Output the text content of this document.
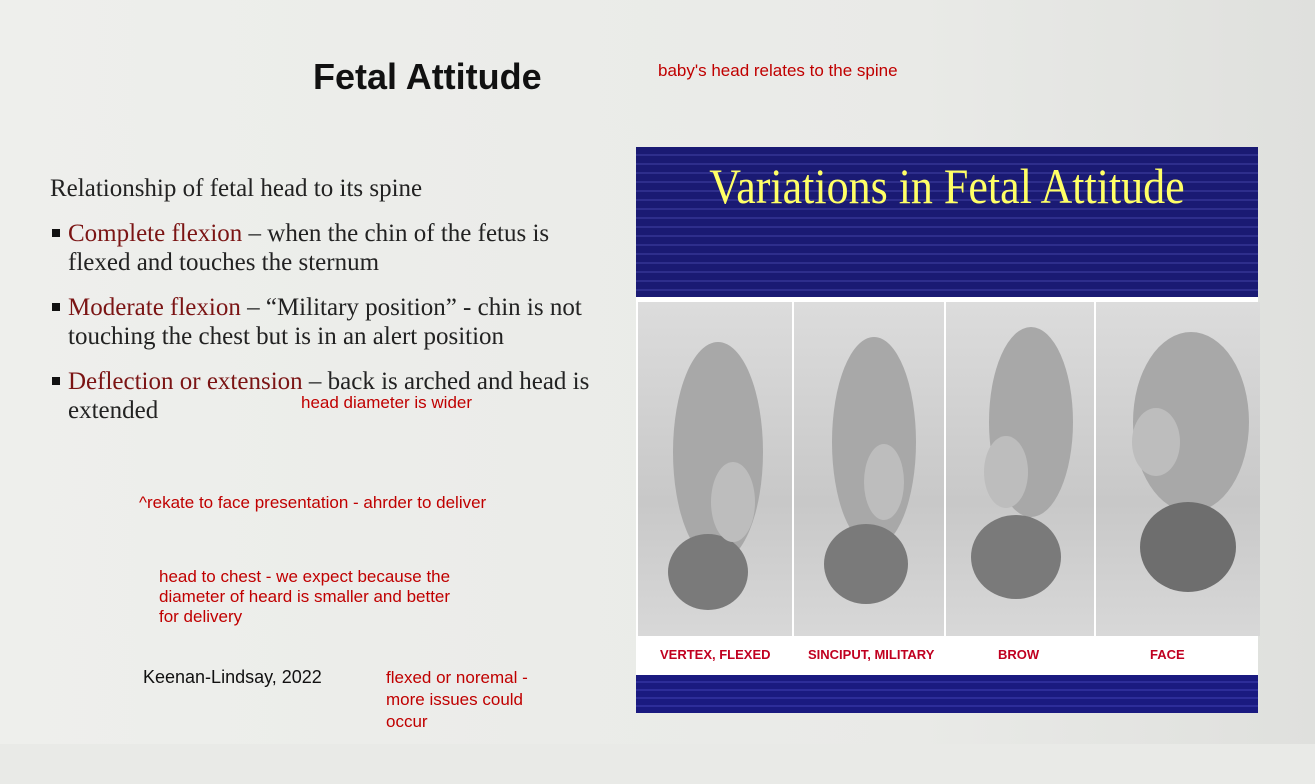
Fetal Attitude	baby's head relates to the spine
Relationship of fetal head to its spine
Complete flexion – when the chin of the fetus is flexed and touches the sternum
Moderate flexion – “Military position” - chin is not touching the chest but is in an alert position
Deflection or extension – back is arched and head is extended	head diameter is wider
^rekate to face presentation - ahrder to deliver
head to chest - we expect because the diameter of heard is smaller and better for delivery
Keenan-Lindsay, 2022	flexed or noremal - more issues could occur
Variations in Fetal Attitude
VERTEX, FLEXED	SINCIPUT, MILITARY	BROW	FACE
